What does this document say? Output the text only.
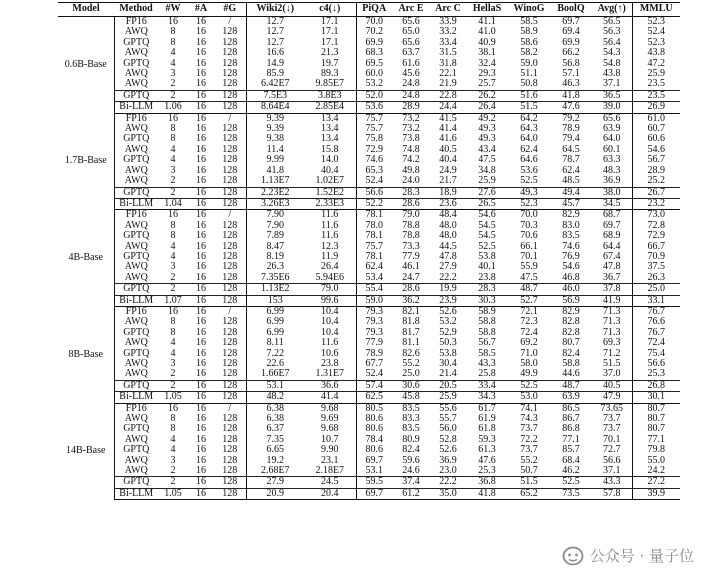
Model	Method	#W	#A	#G	Wiki2(↓)	c4(↓)	PiQA	Arc E	Arc C	HellaS	WinoG	BoolQ	Avg(↑)	MMLU
0.6B-Base	FP16	16	16	/	12.7	17.1	70.0	65.6	33.9	41.1	58.5	69.7	56.5	52.3
	AWQ	8	16	128	12.7	17.1	70.2	65.0	33.2	41.0	58.9	69.4	56.3	52.4
	GPTQ	8	16	128	12.7	17.1	69.9	65.6	33.4	40.9	58.6	69.9	56.4	52.3
	AWQ	4	16	128	16.6	21.3	68.3	63.7	31.5	38.1	58.2	66.2	54.3	43.8
	GPTQ	4	16	128	14.9	19.7	69.5	61.6	31.8	32.4	59.0	56.8	54.8	47.2
	AWQ	3	16	128	85.9	89.3	60.0	45.6	22.1	29.3	51.1	57.1	43.8	25.9
	AWQ	2	16	128	6.42E7	9.85E7	53.2	24.8	21.9	25.7	50.8	46.3	37.1	23.5
	GPTQ	2	16	128	7.5E3	3.8E3	52.0	24.8	22.8	26.2	51.6	41.8	36.5	23.5
	Bi-LLM	1.06	16	128	8.64E4	2.85E4	53.6	28.9	24.4	26.4	51.5	47.6	39.0	26.9
1.7B-Base	FP16	16	16	/	9.39	13.4	75.7	73.2	41.5	49.2	64.2	79.2	65.6	61.0
	AWQ	8	16	128	9.39	13.4	75.7	73.2	41.4	49.3	64.3	78.9	63.9	60.7
	GPTQ	8	16	128	9.38	13.4	75.8	73.8	41.6	49.3	64.0	79.4	64.0	60.6
	AWQ	4	16	128	11.4	15.8	72.9	74.8	40.5	43.4	62.4	64.5	60.1	54.6
	GPTQ	4	16	128	9.99	14.0	74.6	74.2	40.4	47.5	64.6	78.7	63.3	56.7
	AWQ	3	16	128	41.8	40.4	65.3	49.8	24.9	34.8	53.6	62.4	48.3	28.9
	AWQ	2	16	128	1.13E7	1.02E7	52.4	24.0	21.7	25.9	52.5	48.5	36.9	25.2
	GPTQ	2	16	128	2.23E2	1.52E2	56.6	28.3	18.9	27.6	49.3	49.4	38.0	26.7
	Bi-LLM	1.04	16	128	3.26E3	2.33E3	52.2	28.6	23.6	26.5	52.3	45.7	34.5	23.2
4B-Base	FP16	16	16	/	7.90	11.6	78.1	79.0	48.4	54.6	70.0	82.9	68.7	73.0
	AWQ	8	16	128	7.90	11.6	78.0	78.8	48.0	54.5	70.3	83.0	69.7	72.8
	GPTQ	8	16	128	7.89	11.6	78.1	78.8	48.0	54.5	70.6	83.5	68.9	72.9
	AWQ	4	16	128	8.47	12.3	75.7	73.3	44.5	52.5	66.1	74.6	64.4	66.7
	GPTQ	4	16	128	8.19	11.9	78.1	77.9	47.8	53.8	70.1	76.9	67.4	70.9
	AWQ	3	16	128	26.3	26.4	62.4	46.1	27.9	40.1	55.9	54.6	47.8	37.5
	AWQ	2	16	128	7.35E6	5.94E6	53.4	24.7	22.2	23.8	47.5	46.8	36.7	26.3
	GPTQ	2	16	128	1.13E2	79.0	55.4	28.6	19.9	28.3	48.7	46.0	37.8	25.0
	Bi-LLM	1.07	16	128	153	99.6	59.0	36.2	23.9	30.3	52.7	56.9	41.9	33.1
8B-Base	FP16	16	16	/	6.99	10.4	79.3	82.1	52.6	58.9	72.1	82.9	71.3	76.7
	AWQ	8	16	128	6.99	10.4	79.3	81.8	53.2	58.8	72.3	82.8	71.3	76.6
	GPTQ	8	16	128	6.99	10.4	79.3	81.7	52.9	58.8	72.4	82.8	71.3	76.7
	AWQ	4	16	128	8.11	11.6	77.9	81.1	50.3	56.7	69.2	80.7	69.3	72.4
	GPTQ	4	16	128	7.22	10.6	78.9	82.6	53.8	58.5	71.0	82.4	71.2	75.4
	AWQ	3	16	128	22.6	23.8	67.7	55.2	30.4	43.3	58.0	58.8	51.5	56.6
	AWQ	2	16	128	1.66E7	1.31E7	52.4	25.0	21.4	25.8	49.9	44.6	37.0	25.3
	GPTQ	2	16	128	53.1	36.6	57.4	30.6	20.5	33.4	52.5	48.7	40.5	26.8
	Bi-LLM	1.05	16	128	48.2	41.4	62.5	45.8	25.9	34.3	53.0	63.9	47.9	30.1
14B-Base	FP16	16	16	/	6.38	9.68	80.5	83.5	55.6	61.7	74.1	86.5	73.65	80.7
	AWQ	8	16	128	6.38	9.69	80.6	83.3	55.7	61.9	74.3	86.7	73.7	80.7
	GPTQ	8	16	128	6.37	9.68	80.6	83.5	56.0	61.8	73.7	86.8	73.7	80.7
	AWQ	4	16	128	7.35	10.7	78.4	80.9	52.8	59.3	72.2	77.1	70.1	77.1
	GPTQ	4	16	128	6.65	9.90	80.6	82.4	52.6	61.3	73.7	85.7	72.7	79.8
	AWQ	3	16	128	19.2	23.1	69.7	59.6	36.9	47.6	55.2	68.4	56.6	55.0
	AWQ	2	16	128	2.68E7	2.18E7	53.1	24.6	23.0	25.3	50.7	46.2	37.1	24.2
	GPTQ	2	16	128	27.9	24.5	59.5	37.4	22.2	36.8	51.5	52.5	43.3	27.2
	Bi-LLM	1.05	16	128	20.9	20.4	69.7	61.2	35.0	41.8	65.2	73.5	57.8	39.9
公众号 · 量子位
